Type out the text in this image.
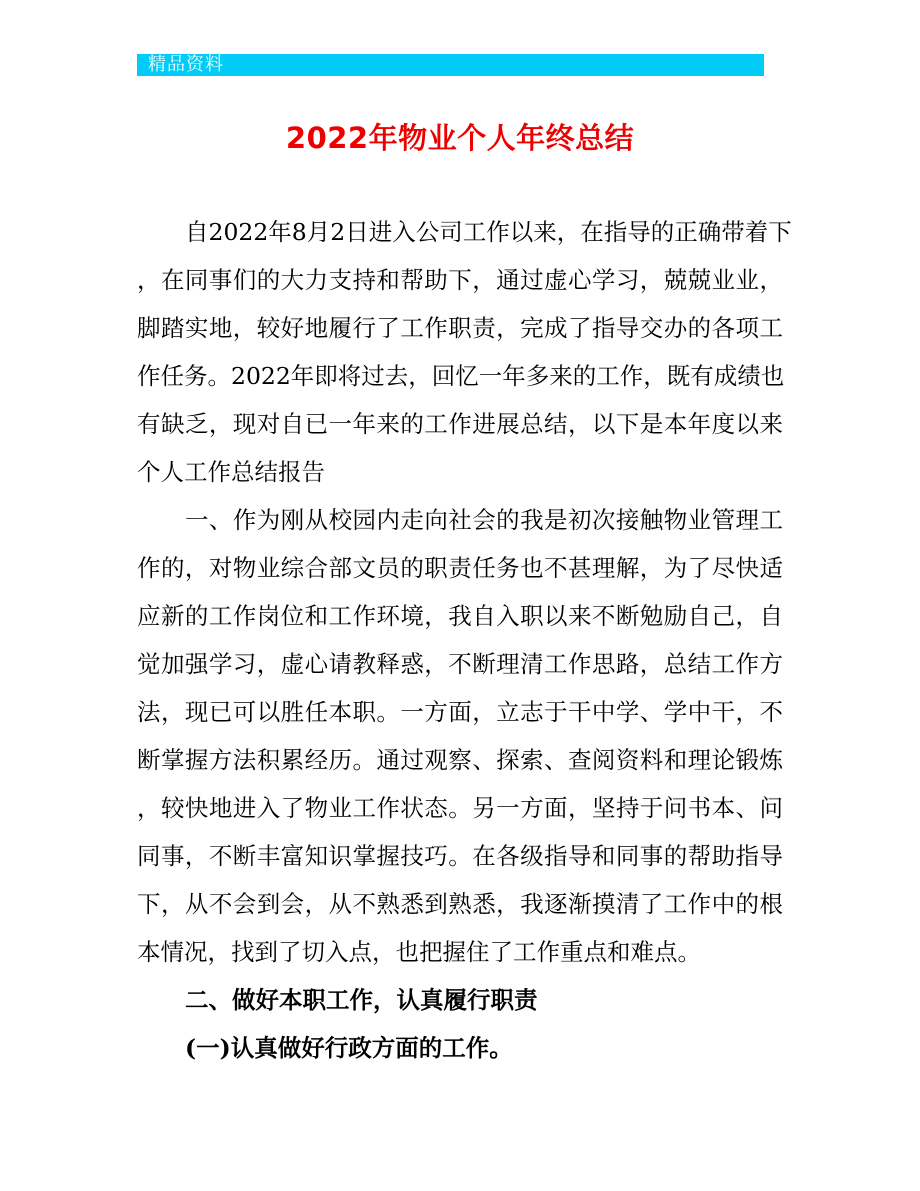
精品资料
2022年物业个人年终总结
自2022年8月2日进入公司工作以来，在指导的正确带着下
，在同事们的大力支持和帮助下，通过虚心学习，兢兢业业，
脚踏实地，较好地履行了工作职责，完成了指导交办的各项工
作任务。2022年即将过去，回忆一年多来的工作，既有成绩也
有缺乏，现对自已一年来的工作进展总结，以下是本年度以来
个人工作总结报告
一、作为刚从校园内走向社会的我是初次接触物业管理工
作的，对物业综合部文员的职责任务也不甚理解，为了尽快适
应新的工作岗位和工作环境，我自入职以来不断勉励自己，自
觉加强学习，虚心请教释惑，不断理清工作思路，总结工作方
法，现已可以胜任本职。一方面，立志于干中学、学中干，不
断掌握方法积累经历。通过观察、探索、查阅资料和理论锻炼
，较快地进入了物业工作状态。另一方面，坚持于问书本、问
同事，不断丰富知识掌握技巧。在各级指导和同事的帮助指导
下，从不会到会，从不熟悉到熟悉，我逐渐摸清了工作中的根
本情况，找到了切入点，也把握住了工作重点和难点。
二、做好本职工作，认真履行职责
(一)认真做好行政方面的工作。
